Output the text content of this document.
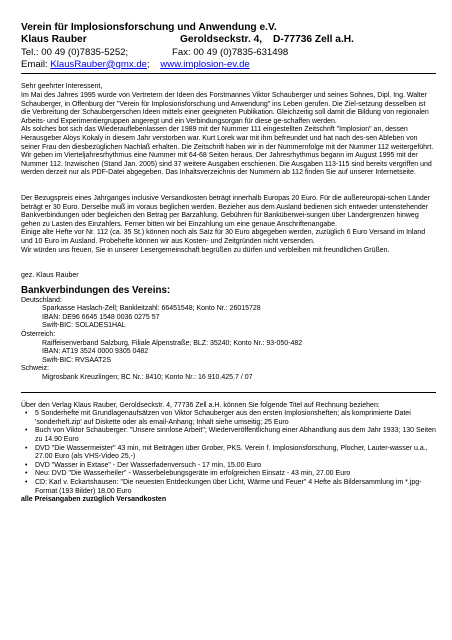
Verein für Implosionsforschung und Anwendung e.V.
Klaus Rauber	Geroldseckstr. 4,	D-77736 Zell a.H.
Tel.: 00 49 (0)7835-5252;	Fax: 00 49 (0)7835-631498
Email: KlausRauber@gmx.de; www.implosion-ev.de
Sehr geehrter Interessent,
Im Mai des Jahres 1995 wurde von Vertretern der Ideen des Forstmannes Viktor Schauberger und seines Sohnes, Dipl. Ing. Walter Schauberger, in Offenburg der "Verein für Implosionsforschung und Anwendung" ins Leben gerufen. Die Ziel-setzung desselben ist die Verbreitung der Schaubergerschen Ideen mittels einer geeigneten Publikation. Gleichzeitig soll damit die Bildung von regionalen Arbeits- und Experimentiergruppen angeregt und ein Verbindungsorgan für diese ge-schaffen werden.
Als solches bot sich das Wiederauflebenlassen der 1989 mit der Nummer 111 eingestellten Zeitschrift "Implosion" an, dessen Herausgeber Aloys Kokaly in diesem Jahr verstorben war. Kurt Lorek war mit ihm befreundet und hat nach des-sen Ableben von seiner Frau den diesbezüglichen Nachlaß erhalten. Die Zeitschrift haben wir in der Nummernfolge mit der Nummer 112 weitergeführt.
Wir geben im Vierteljahresrhythmus eine Nummer mit 64-68 Seiten heraus. Der Jahresrhythmus begann im August 1995 mit der Nummer 112. Inzwischen (Stand Jan. 2005) sind 37 weitere Ausgaben erschienen. Die Ausgaben 113-115 sind bereits vergriffen und werden derzeit nur als PDF-Datei abgegeben. Das Inhaltsverzeichnis der Nummern ab 112 finden Sie auf unserer Internetseite.
Der Bezugspreis eines Jahrganges inclusive Versandkosten beträgt innerhalb Europas 20 Euro. Für die außereuropäi-schen Länder beträgt er 30 Euro. Derselbe muß im voraus beglichen werden. Bezieher aus dem Ausland bedienen sich entweder untenstehender Bankverbindungen oder begleichen den Betrag per Barzahlung. Gebühren für Banküberwei-sungen über Ländergrenzen hinweg gehen zu Lasten des Einzahlers. Ferner bitten wir bei Einzahlung um eine genaue Anschriftenangabe.
Einige alte Hefte vor Nr. 112 (ca. 35 St.) können noch als Satz für 30 Euro abgegeben werden, zuzüglich 6 Euro Versand im Inland und 10 Euro im Ausland. Probehefte können wir aus Kosten- und Zeitgründen nicht versenden.
Wir würden uns freuen, Sie in unserer Lesergemeinschaft begrüßen zu dürfen und verbleiben mit freundlichen Grüßen.
gez. Klaus Rauber
Bankverbindungen des Vereins:
Deutschland:
Sparkasse Haslach-Zell; Bankleitzahl: 66451548; Konto Nr.: 26015728
IBAN: DE96 6645 1548 0036 0275 57
Swift-BIC: SOLADES1HAL
Österreich:
Raiffeisenverband Salzburg, Filiale Alpenstraße; BLZ: 35240; Konto Nr.: 93-050-482
IBAN: AT19 3524 0000 9305 0482
Swift-BIC: RVSAAT2S
Schweiz:
Migrosbank Kreuzlingen; BC Nr.: 8410; Konto Nr.: 16 910.425.7 / 07
Über den Verlag Klaus Rauber, Geroldseckstr. 4, 77736 Zell a.H. können Sie folgende Titel auf Rechnung beziehen:
•	5 Sonderhefte mit Grundlagenaufsätzen von Viktor Schauberger aus den ersten Implosionsheften; als komprimierte Datei 'sonderheft.zip' auf Diskette oder als email-Anhang; Inhalt siehe umseitig; 25 Euro
•	Buch von Viktor Schauberger: "Unsere sinnlose Arbeit"; Wiederveröffentlichung einer Abhandlung aus dem Jahr 1933; 130 Seiten zu 14.90 Euro
•	DVD "Die Wassermeister" 43 min, mit Beiträgen über Grober, PKS. Verein f. Implosionsforschung, Plocher, Lauter-wasser u.a., 27.00 Euro (als VHS-Video 25,-)
•	DVD "Wasser in Extase" - Der Wasserfadenversuch - 17 min, 15.00 Euro
•	Neu: DVD "Die Wasserheiler" - Wasserbelebungsgeräte im erfolgreichen Einsatz - 43 min, 27.00 Euro
•	CD: Karl v. Eckartshausen: "Die neuesten Entdeckungen über Licht, Wärme und Feuer" 4 Hefte als Bildersammlung im *.jpg-Format (193 Bilder) 18.00 Euro
alle Preisangaben zuzüglich Versandkosten
